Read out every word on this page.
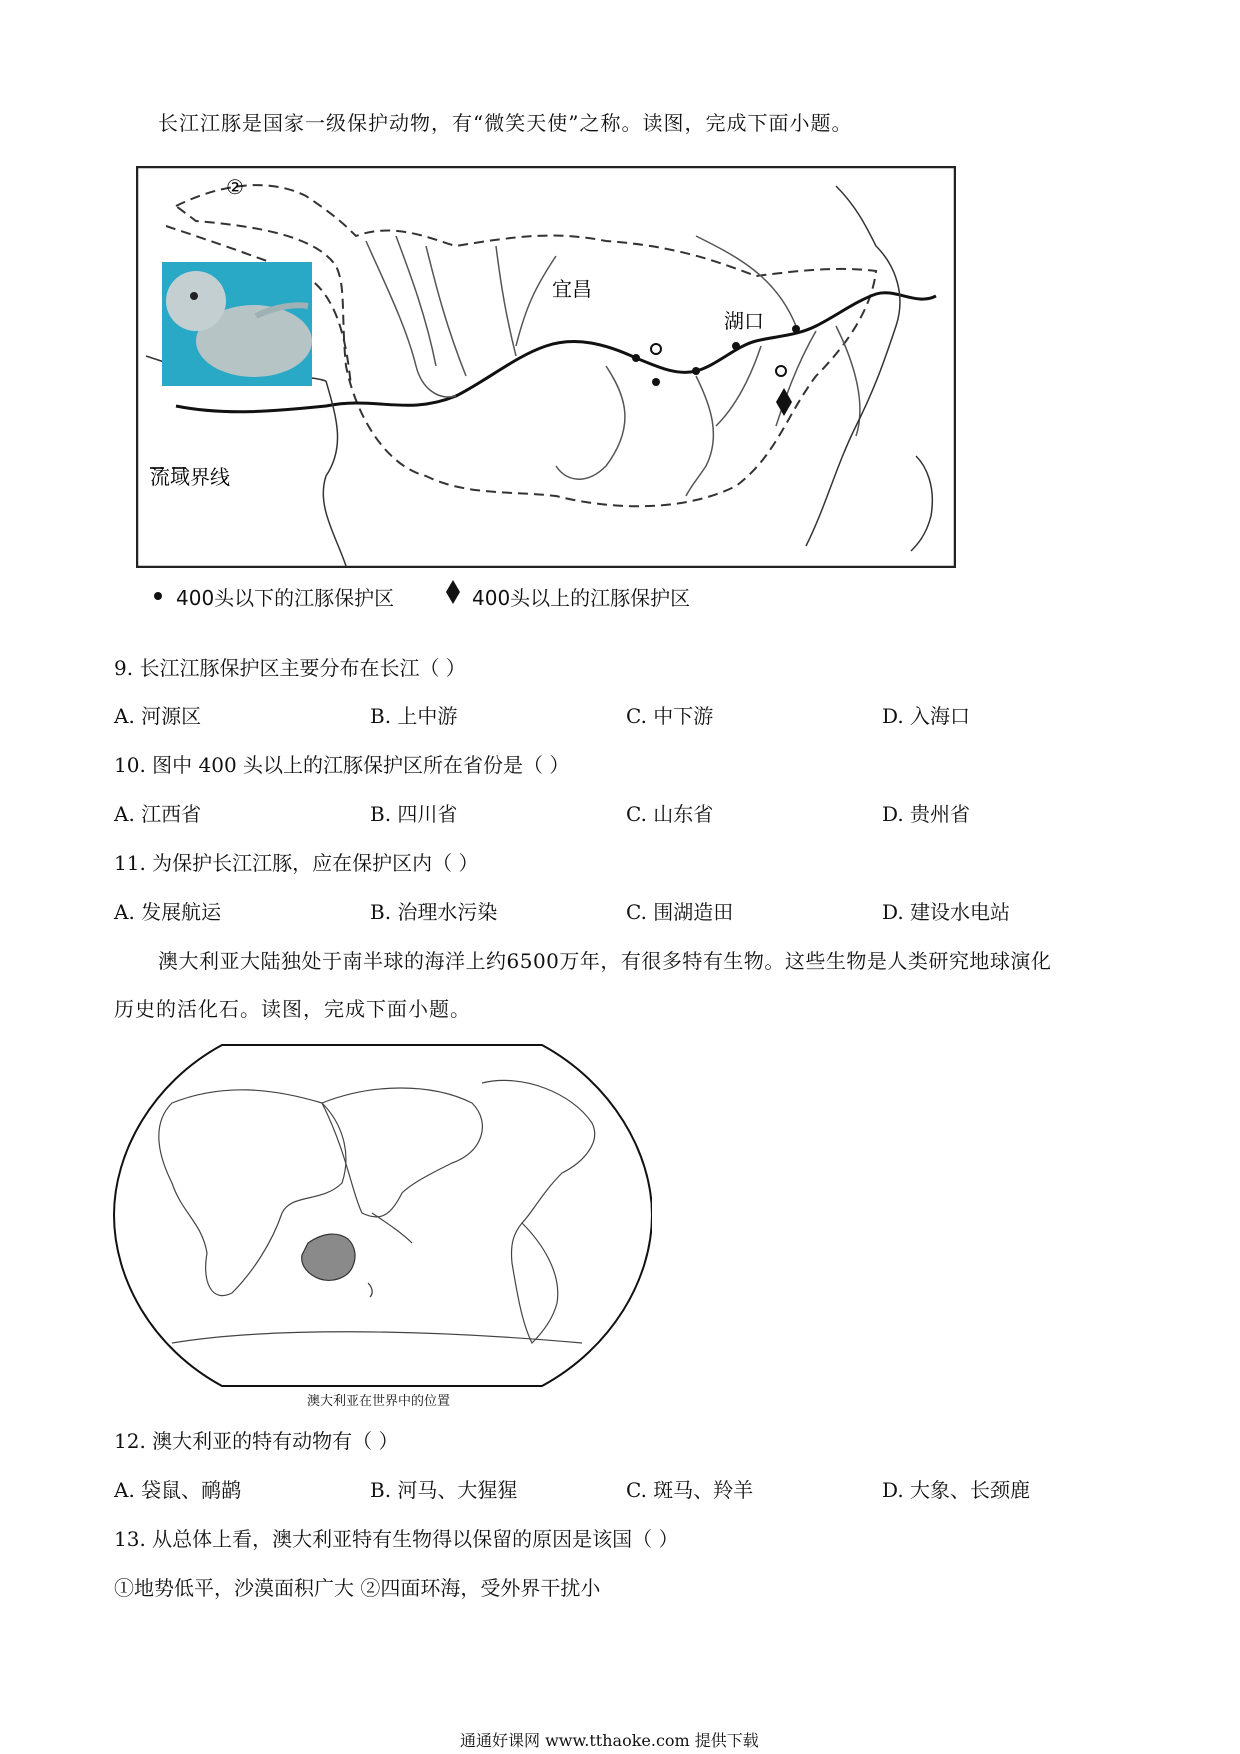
长江江豚是国家一级保护动物，有“微笑天使”之称。读图，完成下面小题。
②
宜昌
湖口
流域界线
400头以下的江豚保护区	400头以上的江豚保护区
9. 长江江豚保护区主要分布在长江（ ）
A. 河源区	B. 上中游	C. 中下游	D. 入海口
10. 图中 400 头以上的江豚保护区所在省份是（ ）
A. 江西省	B. 四川省	C. 山东省	D. 贵州省
11. 为保护长江江豚，应在保护区内（ ）
A. 发展航运	B. 治理水污染	C. 围湖造田	D. 建设水电站
澳大利亚大陆独处于南半球的海洋上约6500万年，有很多特有生物。这些生物是人类研究地球演化
历史的活化石。读图，完成下面小题。
澳大利亚在世界中的位置
12. 澳大利亚的特有动物有（ ）
A. 袋鼠、鸸鹋	B. 河马、大猩猩	C. 斑马、羚羊	D. 大象、长颈鹿
13. 从总体上看，澳大利亚特有生物得以保留的原因是该国（ ）
①地势低平，沙漠面积广大 ②四面环海，受外界干扰小
通通好课网 www.tthaoke.com 提供下载
